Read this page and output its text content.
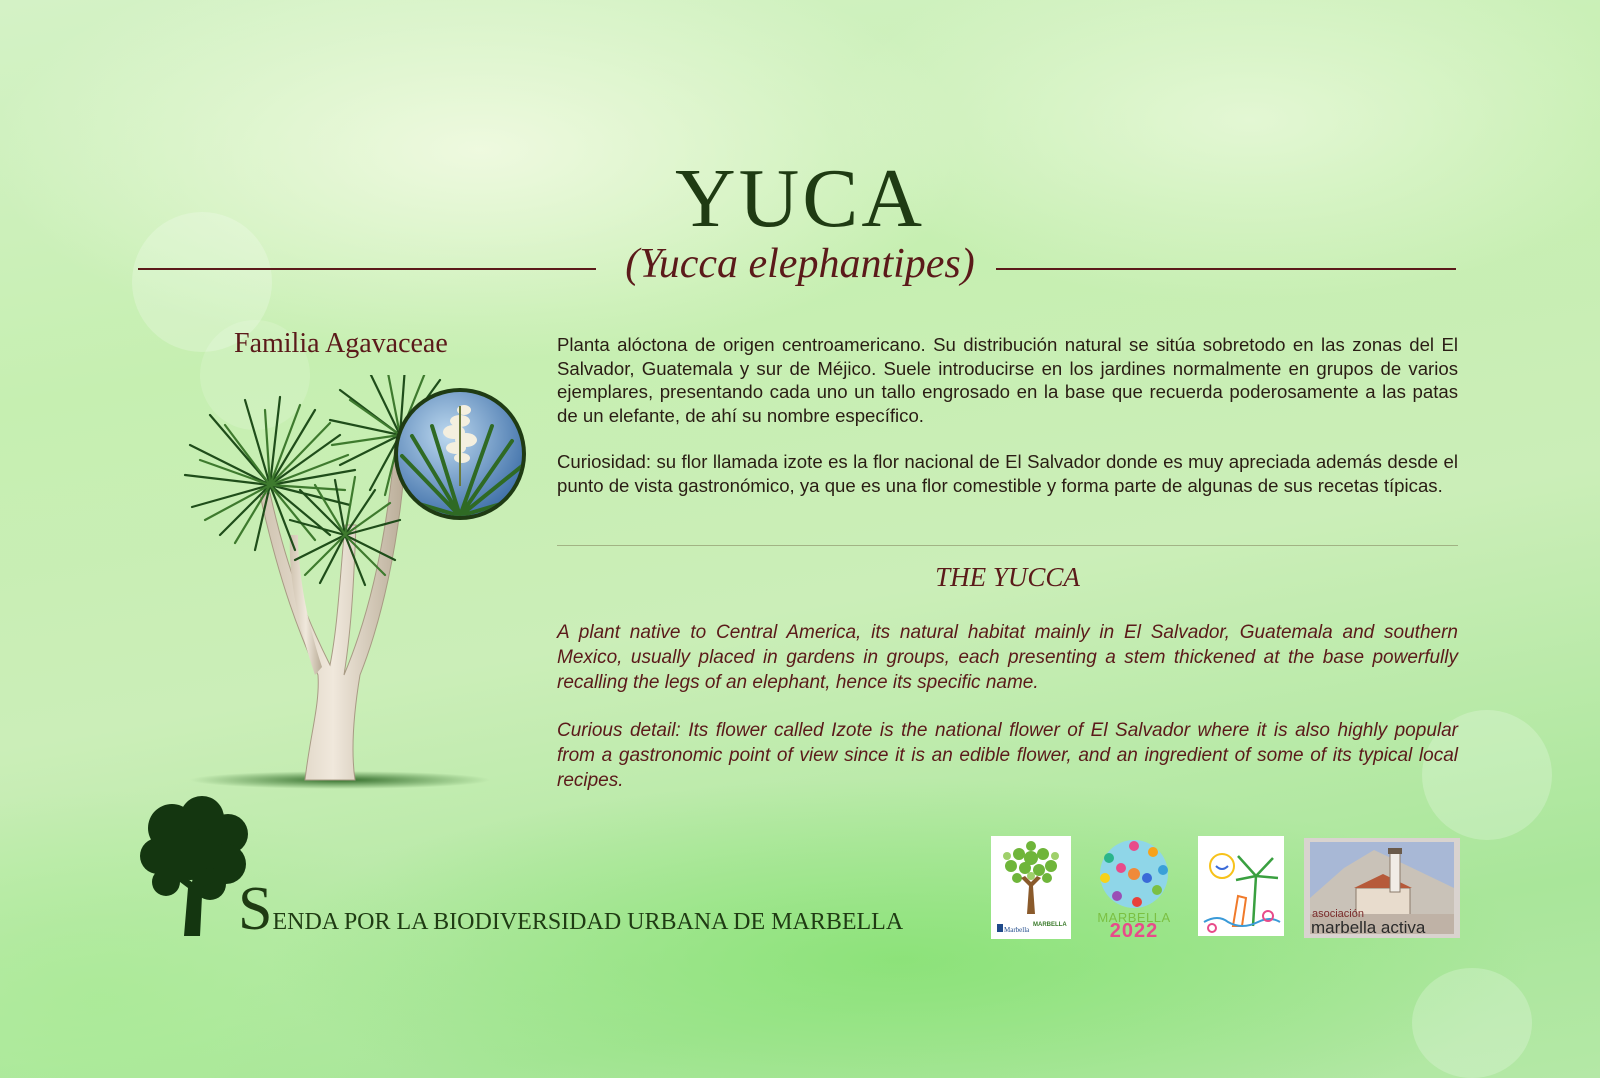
YUCA
(Yucca elephantipes)
Familia Agavaceae	Planta alóctona de origen centroamericano. Su distribución natural se sitúa sobretodo en las zonas del El Salvador, Guatemala y sur de Méjico. Suele introducirse en los jardines normalmente en grupos de varios ejemplares, presentando cada uno un tallo engrosado en la base que recuerda poderosamente a las patas de un elefante, de ahí su nombre específico.

Curiosidad: su flor llamada izote es la flor nacional de El Salvador donde es muy apreciada además desde el punto de vista gastronómico, ya que es una flor comestible y forma parte de algunas de sus recetas típicas.

THE YUCCA

A plant native to Central America, its natural habitat mainly in El Salvador, Guatemala and southern Mexico, usually placed in gardens in groups, each presenting a stem thickened at the base powerfully recalling the legs of an elephant, hence its specific name.

Curious detail: Its flower called Izote is the national flower of El Salvador where it is also highly popular from a gastronomic point of view since it is an edible flower, and an ingredient of some of its typical local recipes.

SENDA POR LA BIODIVERSIDAD URBANA DE MARBELLA	Marbella
MARBELLA	MARBELLA
2022
asociación
marbella activa
